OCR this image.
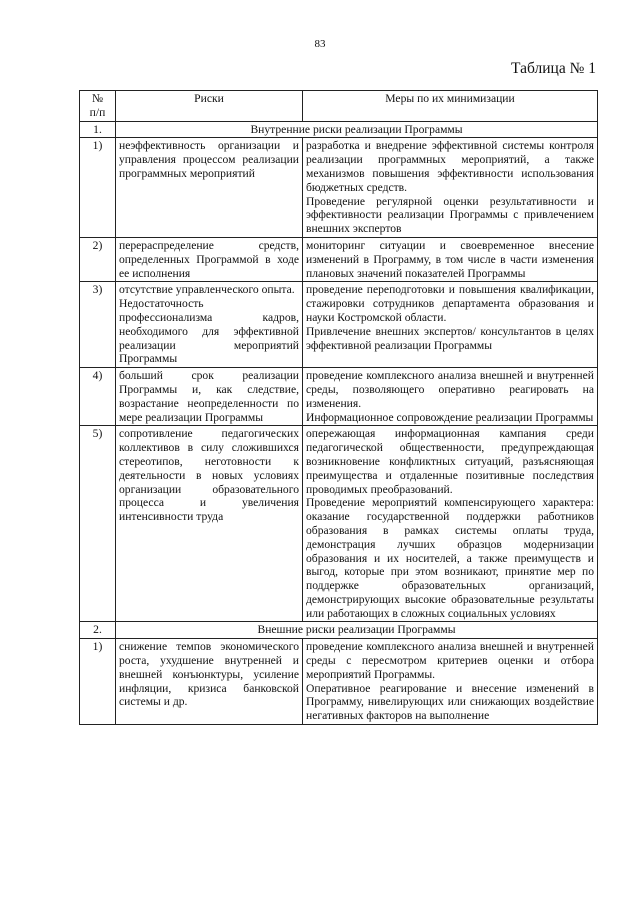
83
Таблица № 1
№
п/п	Риски	Меры по их минимизации
1.	Внутренние риски реализации Программы	
1)	неэффективность организации и управления процессом реализации программных мероприятий	разработка и внедрение эффективной системы контроля реализации программных мероприятий, а также механизмов повышения эффективности использования бюджетных средств.
Проведение регулярной оценки результативности и эффективности реализации Программы с привлечением внешних экспертов

2)	перераспределение средств, определенных Программой в ходе ее исполнения	мониторинг ситуации и своевременное внесение изменений в Программу, в том числе в части изменения плановых значений показателей Программы

3)	отсутствие управленческого опыта.
Недостаточность профессионализма кадров, необходимого для эффективной реализации мероприятий Программы	проведение переподготовки и повышения квалификации, стажировки сотрудников департамента образования и науки Костромской области.
Привлечение внешних экспертов/ консультантов в целях эффективной реализации Программы

4)	больший срок реализации Программы и, как следствие, возрастание неопределенности по мере реализации Программы	проведение комплексного анализа внешней и внутренней среды, позволяющего оперативно реагировать на изменения.
Информационное сопровождение реализации Программы

5)	сопротивление педагогических коллективов в силу сложившихся стереотипов, неготовности к деятельности в новых условиях организации образовательного процесса и увеличения интенсивности труда	опережающая информационная кампания среди педагогической общественности, предупреждающая возникновение конфликтных ситуаций, разъясняющая преимущества и отдаленные позитивные последствия проводимых преобразований.
Проведение мероприятий компенсирующего характера: оказание государственной поддержки работников образования в рамках системы оплаты труда, демонстрация лучших образцов модернизации образования и их носителей, а также преимуществ и выгод, которые при этом возникают, принятие мер по поддержке образовательных организаций, демонстрирующих высокие образовательные результаты или работающих в сложных социальных условиях

2.	Внешние риски реализации Программы	
1)	снижение темпов экономического роста, ухудшение внутренней и внешней конъюнктуры, усиление инфляции, кризиса банковской системы и др.	проведение комплексного анализа внешней и внутренней среды с пересмотром критериев оценки и отбора мероприятий Программы.
Оперативное реагирование и внесение изменений в Программу, нивелирующих или снижающих воздействие негативных факторов на выполнение
